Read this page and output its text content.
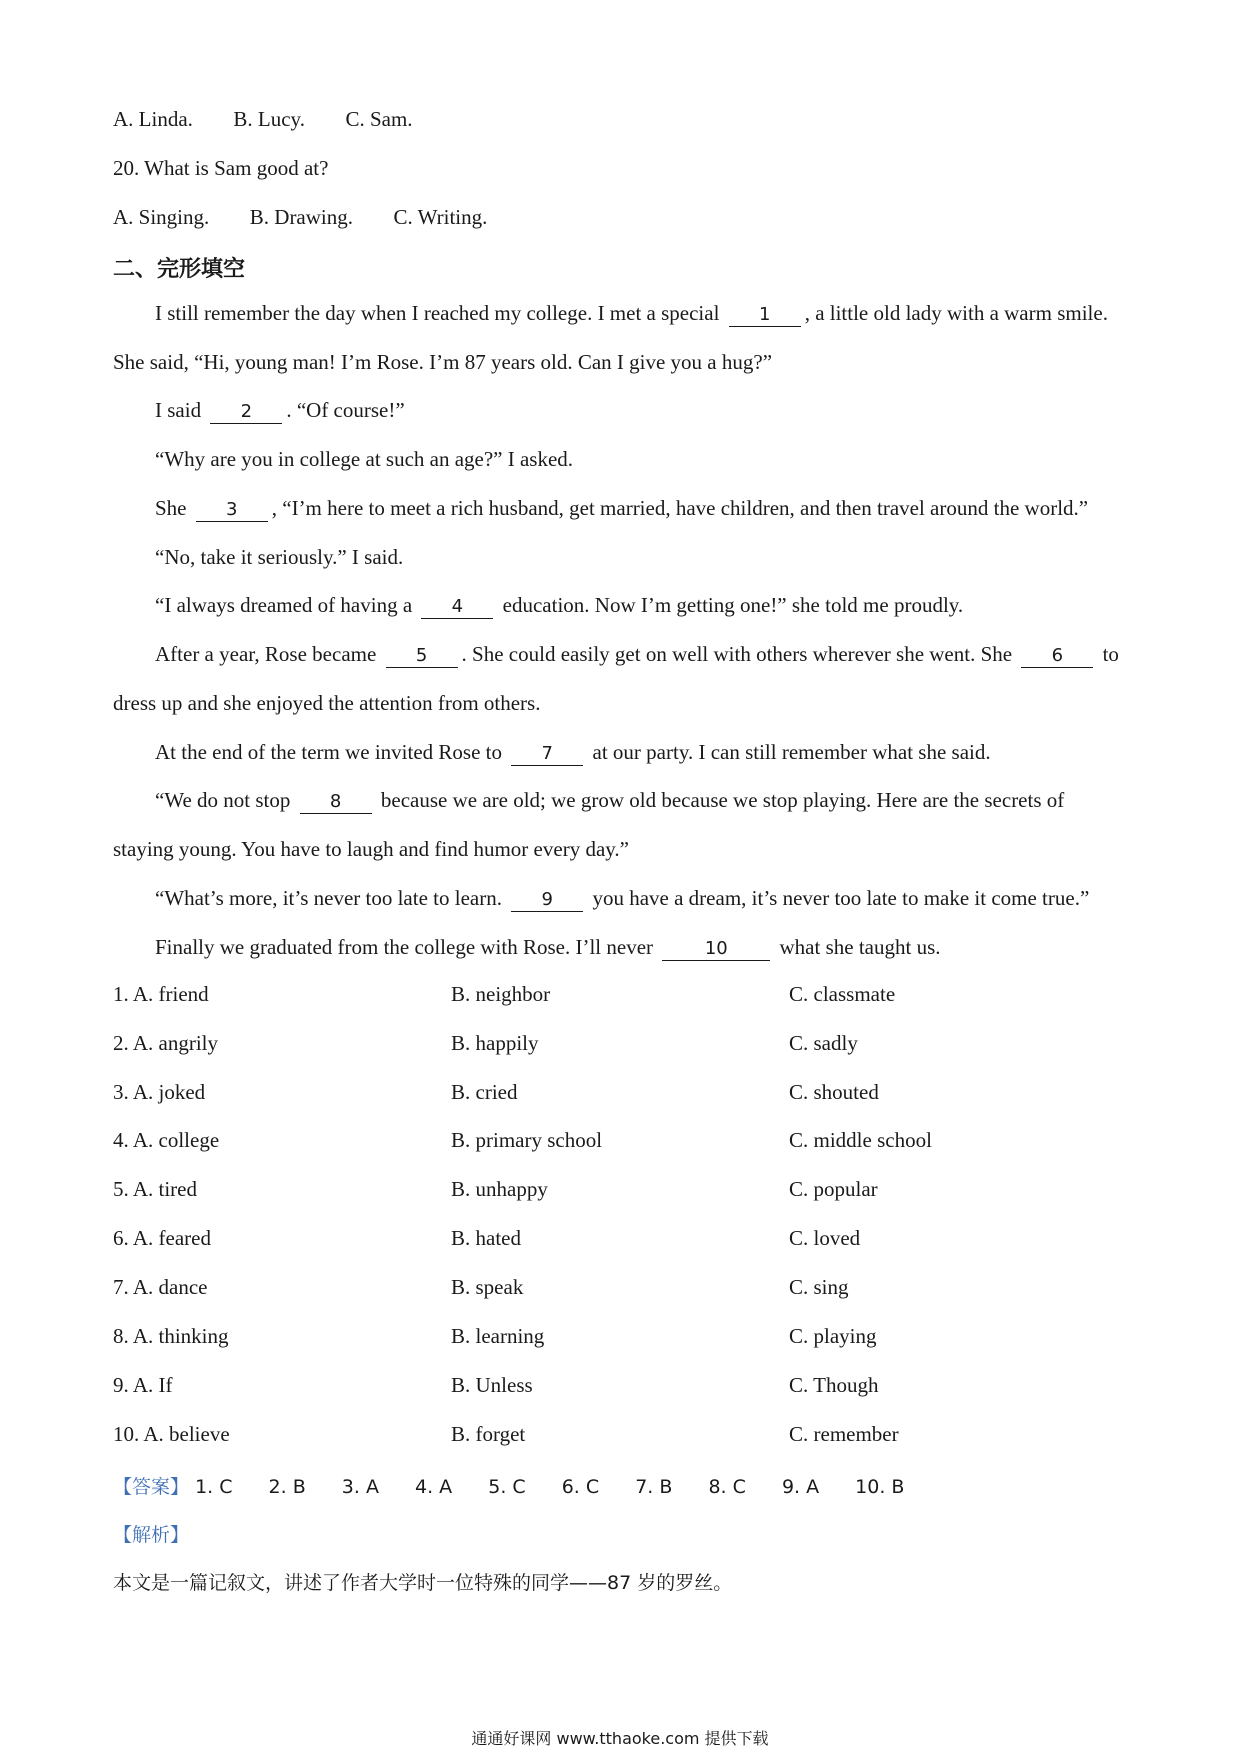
A. Linda. B. Lucy. C. Sam.
20. What is Sam good at?
A. Singing. B. Drawing. C. Writing.
二、完形填空
I still remember the day when I reached my college. I met a special 1 , a little old lady with a warm smile.
She said, “Hi, young man! I’m Rose. I’m 87 years old. Can I give you a hug?”
I said 2 . “Of course!”
“Why are you in college at such an age?” I asked.
She 3 , “I’m here to meet a rich husband, get married, have children, and then travel around the world.”
“No, take it seriously.” I said.
“I always dreamed of having a 4 education. Now I’m getting one!” she told me proudly.
After a year, Rose became 5 . She could easily get on well with others wherever she went. She 6 to
dress up and she enjoyed the attention from others.
At the end of the term we invited Rose to 7 at our party. I can still remember what she said.
“We do not stop 8 because we are old; we grow old because we stop playing. Here are the secrets of
staying young. You have to laugh and find humor every day.”
“What’s more, it’s never too late to learn. 9 you have a dream, it’s never too late to make it come true.”
Finally we graduated from the college with Rose. I’ll never	10 what she taught us.
1. A. friend	B. neighbor	C. classmate
2. A. angrily	B. happily	C. sadly
3. A. joked	B. cried	C. shouted
4. A. college	B. primary school	C. middle school
5. A. tired	B. unhappy	C. popular
6. A. feared	B. hated	C. loved
7. A. dance	B. speak	C. sing
8. A. thinking	B. learning	C. playing
9. A. If	B. Unless	C. Though
10. A. believe	B. forget	C. remember
【答案】 1. C 2. B 3. A 4. A 5. C 6. C 7. B 8. C 9. A 10. B
【解析】
本文是一篇记叙文，讲述了作者大学时一位特殊的同学——87 岁的罗丝。
通通好课网 www.tthaoke.com 提供下载
